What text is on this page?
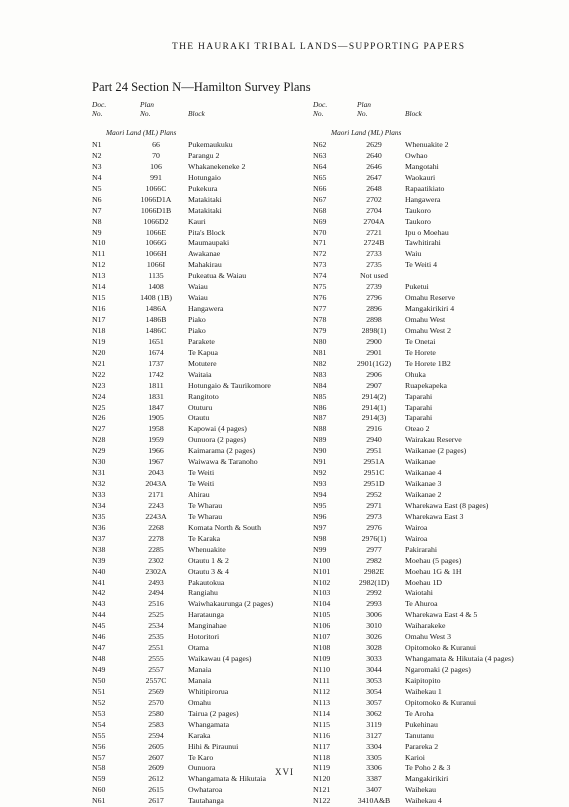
THE HAURAKI TRIBAL LANDS—SUPPORTING PAPERS
Part 24 Section N—Hamilton Survey Plans
Doc.
No.
Plan
No.	Block
Maori Land (ML) Plans
N1	66	Pukemaukuku
N2	70	Parangu 2
N3	106	Whakanekeneke 2
N4	991	Hotungaio
N5	1066C	Pukekura
N6	1066D1A	Matakitaki
N7	1066D1B	Matakitaki
N8	1066D2	Kauri
N9	1066E	Pita's Block
N10	1066G	Maumaupaki
N11	1066H	Awakanae
N12	1066I	Mahakirau
N13	1135	Pukeatua & Waiau
N14	1408	Waiau
N15	1408 (1B)	Waiau
N16	1486A	Hangawera
N17	1486B	Piako
N18	1486C	Piako
N19	1651	Parakete
N20	1674	Te Kapua
N21	1737	Motutere
N22	1742	Waitaia
N23	1811	Hotungaio & Taurikomore
N24	1831	Rangitoto
N25	1847	Otuturu
N26	1905	Otautu
N27	1958	Kapowai (4 pages)
N28	1959	Ounuora (2 pages)
N29	1966	Kaimarama (2 pages)
N30	1967	Waiwawa & Taranoho
N31	2043	Te Weiti
N32	2043A	Te Weiti
N33	2171	Ahirau
N34	2243	Te Wharau
N35	2243A	Te Wharau
N36	2268	Komata North & South
N37	2278	Te Karaka
N38	2285	Whenuakite
N39	2302	Otautu 1 & 2
N40	2302A	Otautu 3 & 4
N41	2493	Pakautokua
N42	2494	Rangiahu
N43	2516	Waiwhakaurunga (2 pages)
N44	2525	Harataunga
N45	2534	Manginahae
N46	2535	Hotoritori
N47	2551	Otama
N48	2555	Waikawau (4 pages)
N49	2557	Manaia
N50	2557C	Manaia
N51	2569	Whitipirorua
N52	2570	Omahu
N53	2580	Tairua (2 pages)
N54	2583	Whangamata
N55	2594	Karaka
N56	2605	Hihi & Piraunui
N57	2607	Te Karo
N58	2609	Ounuora
N59	2612	Whangamata & Hikutaia
N60	2615	Owhatarоa
N61	2617	Tautahanga
Doc.
No.
Plan
No.	Block
Maori Land (ML) Plans
N62	2629	Whenuakite 2
N63	2640	Owhao
N64	2646	Mangotahi
N65	2647	Waokauri
N66	2648	Rapaatikiato
N67	2702	Hangawera
N68	2704	Taukoro
N69	2704A	Taukoro
N70	2721	Ipu o Moehau
N71	2724B	Tawhitirahi
N72	2733	Waiu
N73	2735	Te Weiti 4
N74	Not used
N75	2739	Puketui
N76	2796	Omahu Reserve
N77	2896	Mangakirikiri 4
N78	2898	Omahu West
N79	2898(1)	Omahu West 2
N80	2900	Te Onetai
N81	2901	Te Horete
N82	2901(1G2)	Te Horete 1B2
N83	2906	Ohuka
N84	2907	Ruapekapeka
N85	2914(2)	Taparahi
N86	2914(1)	Taparahi
N87	2914(3)	Taparahi
N88	2916	Oteao 2
N89	2940	Wairakau Reserve
N90	2951	Waikanae (2 pages)
N91	2951A	Waikanae
N92	2951C	Waikanae 4
N93	2951D	Waikanae 3
N94	2952	Waikanae 2
N95	2971	Wharekawa East (8 pages)
N96	2973	Wharekawa East 3
N97	2976	Wairoa
N98	2976(1)	Wairoa
N99	2977	Pakirarahi
N100	2982	Moehau (5 pages)
N101	2982E	Moehau 1G & 1H
N102	2982(1D)	Moehau 1D
N103	2992	Waiotahi
N104	2993	Te Ahuroa
N105	3006	Wharekawa East 4 & 5
N106	3010	Waiharakeke
N107	3026	Omahu West 3
N108	3028	Opitomoko & Kuranui
N109	3033	Whangamata & Hikutaia (4 pages)
N110	3044	Ngaromaki (2 pages)
N111	3053	Kaipitopito
N112	3054	Waihekau 1
N113	3057	Opitomoko & Kuranui
N114	3062	Te Aroha
N115	3119	Pukehinau
N116	3127	Tanutanu
N117	3304	Parareka 2
N118	3305	Karioi
N119	3306	Te Poho 2 & 3
N120	3387	Mangakirikiri
N121	3407	Waihekau
N122	3410A&B	Waihekau 4
XVI
